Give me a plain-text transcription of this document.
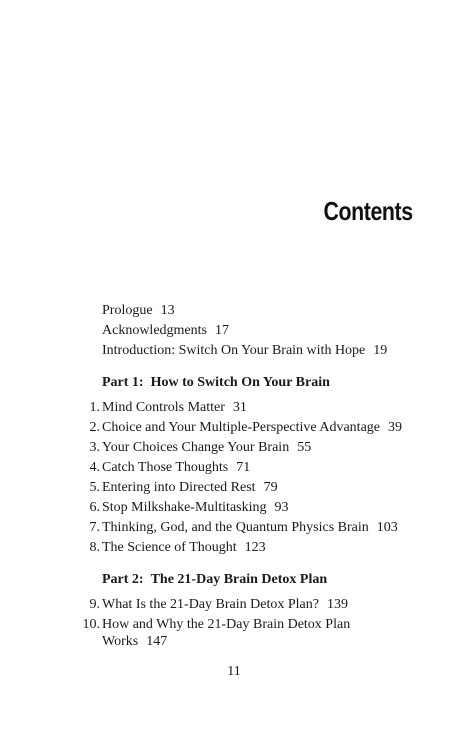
Contents
Prologue 13
Acknowledgments 17
Introduction: Switch On Your Brain with Hope 19
Part 1: How to Switch On Your Brain
1. Mind Controls Matter 31
2. Choice and Your Multiple-Perspective Advantage 39
3. Your Choices Change Your Brain 55
4. Catch Those Thoughts 71
5. Entering into Directed Rest 79
6. Stop Milkshake-Multitasking 93
7. Thinking, God, and the Quantum Physics Brain 103
8. The Science of Thought 123
Part 2: The 21-Day Brain Detox Plan
9. What Is the 21-Day Brain Detox Plan? 139
10. How and Why the 21-Day Brain Detox Plan
Works 147
11
